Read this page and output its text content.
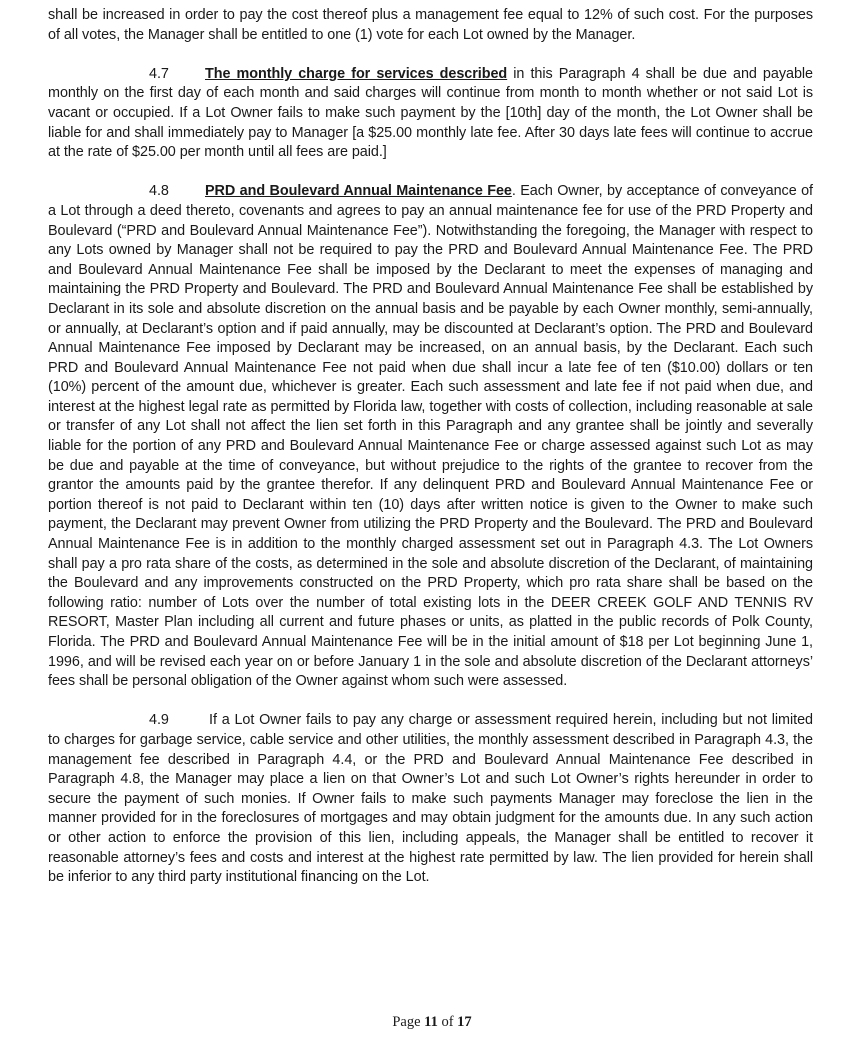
shall be increased in order to pay the cost thereof plus a management fee equal to 12% of such cost. For the purposes of all votes, the Manager shall be entitled to one (1) vote for each Lot owned by the Manager.

4.7	The monthly charge for services described in this Paragraph 4 shall be due and payable monthly on the first day of each month and said charges will continue from month to month whether or not said Lot is vacant or occupied. If a Lot Owner fails to make such payment by the [10th] day of the month, the Lot Owner shall be liable for and shall immediately pay to Manager [a $25.00 monthly late fee. After 30 days late fees will continue to accrue at the rate of $25.00 per month until all fees are paid.]

4.8	PRD and Boulevard Annual Maintenance Fee. Each Owner, by acceptance of conveyance of a Lot through a deed thereto, covenants and agrees to pay an annual maintenance fee for use of the PRD Property and Boulevard (“PRD and Boulevard Annual Maintenance Fee”). Notwithstanding the foregoing, the Manager with respect to any Lots owned by Manager shall not be required to pay the PRD and Boulevard Annual Maintenance Fee. The PRD and Boulevard Annual Maintenance Fee shall be imposed by the Declarant to meet the expenses of managing and maintaining the PRD Property and Boulevard. The PRD and Boulevard Annual Maintenance Fee shall be established by Declarant in its sole and absolute discretion on the annual basis and be payable by each Owner monthly, semi-annually, or annually, at Declarant’s option and if paid annually, may be discounted at Declarant’s option. The PRD and Boulevard Annual Maintenance Fee imposed by Declarant may be increased, on an annual basis, by the Declarant. Each such PRD and Boulevard Annual Maintenance Fee not paid when due shall incur a late fee of ten ($10.00) dollars or ten (10%) percent of the amount due, whichever is greater. Each such assessment and late fee if not paid when due, and interest at the highest legal rate as permitted by Florida law, together with costs of collection, including reasonable at sale or transfer of any Lot shall not affect the lien set forth in this Paragraph and any grantee shall be jointly and severally liable for the portion of any PRD and Boulevard Annual Maintenance Fee or charge assessed against such Lot as may be due and payable at the time of conveyance, but without prejudice to the rights of the grantee to recover from the grantor the amounts paid by the grantee therefor. If any delinquent PRD and Boulevard Annual Maintenance Fee or portion thereof is not paid to Declarant within ten (10) days after written notice is given to the Owner to make such payment, the Declarant may prevent Owner from utilizing the PRD Property and the Boulevard. The PRD and Boulevard Annual Maintenance Fee is in addition to the monthly charged assessment set out in Paragraph 4.3. The Lot Owners shall pay a pro rata share of the costs, as determined in the sole and absolute discretion of the Declarant, of maintaining the Boulevard and any improvements constructed on the PRD Property, which pro rata share shall be based on the following ratio: number of Lots over the number of total existing lots in the DEER CREEK GOLF AND TENNIS RV RESORT, Master Plan including all current and future phases or units, as platted in the public records of Polk County, Florida. The PRD and Boulevard Annual Maintenance Fee will be in the initial amount of $18 per Lot beginning June 1, 1996, and will be revised each year on or before January 1 in the sole and absolute discretion of the Declarant attorneys’ fees shall be personal obligation of the Owner against whom such were assessed.

4.9	If a Lot Owner fails to pay any charge or assessment required herein, including but not limited to charges for garbage service, cable service and other utilities, the monthly assessment described in Paragraph 4.3, the management fee described in Paragraph 4.4, or the PRD and Boulevard Annual Maintenance Fee described in Paragraph 4.8, the Manager may place a lien on that Owner’s Lot and such Lot Owner’s rights hereunder in order to secure the payment of such monies. If Owner fails to make such payments Manager may foreclose the lien in the manner provided for in the foreclosures of mortgages and may obtain judgment for the amounts due. In any such action or other action to enforce the provision of this lien, including appeals, the Manager shall be entitled to recover it reasonable attorney’s fees and costs and interest at the highest rate permitted by law. The lien provided for herein shall be inferior to any third party institutional financing on the Lot.

Page 11 of 17
